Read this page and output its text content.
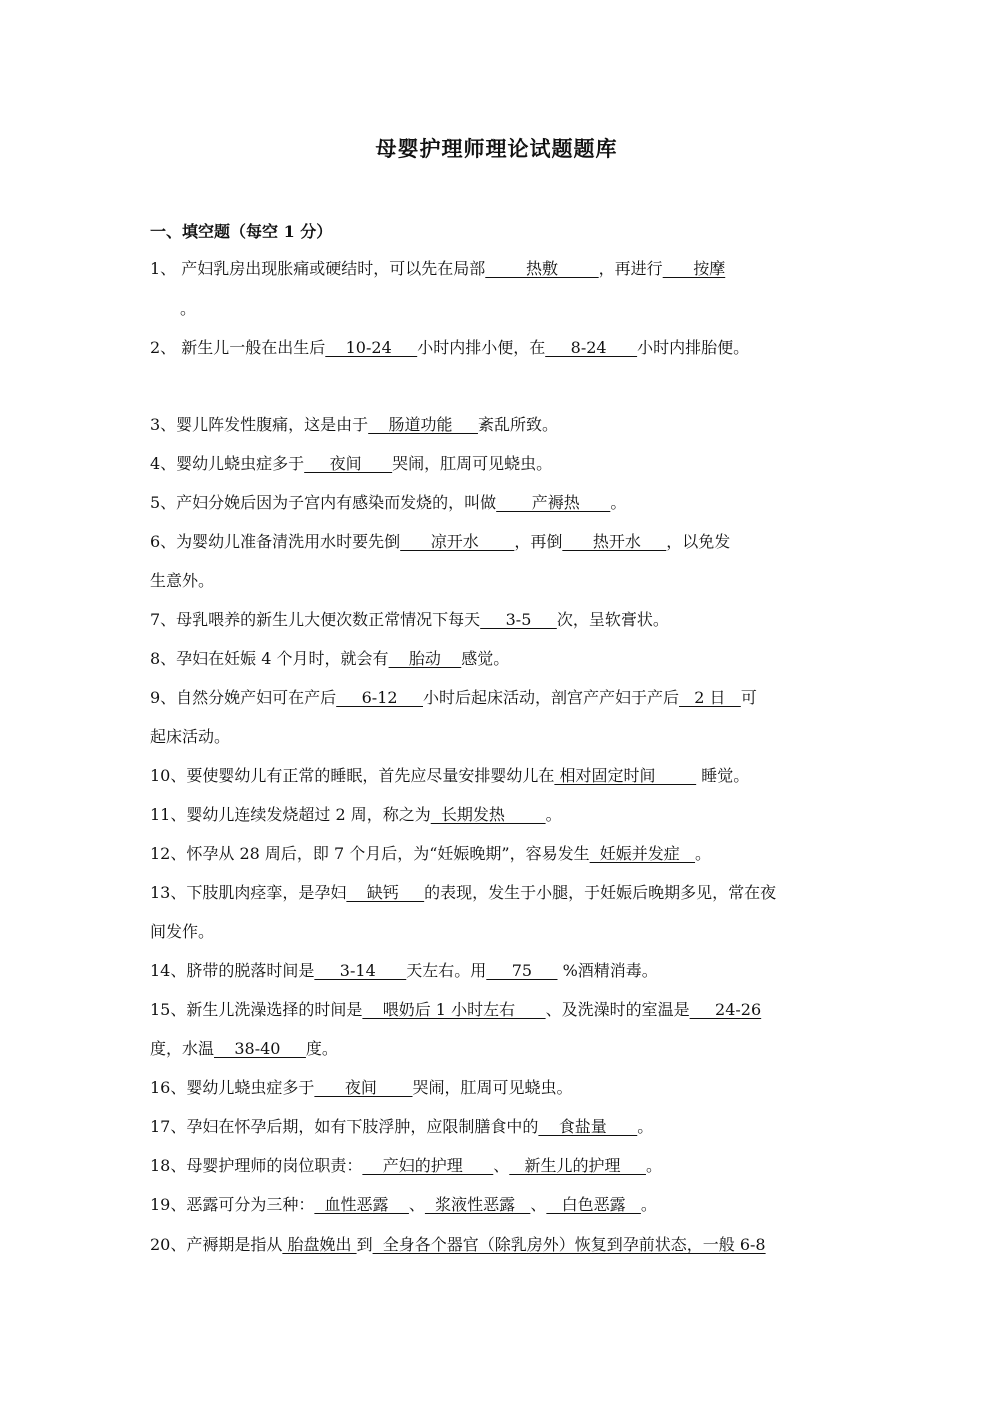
母婴护理师理论试题题库
一、填空题（每空 1 分）
1、 产妇乳房出现胀痛或硬结时，可以先在局部        热敷        ，再进行      按摩
。
2、 新生儿一般在出生后    10-24     小时内排小便，在     8-24      小时内排胎便。
3、婴儿阵发性腹痛，这是由于    肠道功能     紊乱所致。
4、婴幼儿蛲虫症多于     夜间      哭闹，肛周可见蛲虫。
5、产妇分娩后因为子宫内有感染而发烧的，叫做       产褥热      。
6、为婴幼儿准备清洗用水时要先倒      凉开水       ，再倒      热开水     ，以免发
生意外。
7、母乳喂养的新生儿大便次数正常情况下每天     3-5     次，呈软膏状。
8、孕妇在妊娠 4 个月时，就会有    胎动    感觉。
9、自然分娩产妇可在产后     6-12     小时后起床活动，剖宫产产妇于产后   2 日   可
起床活动。
10、要使婴幼儿有正常的睡眠，首先应尽量安排婴幼儿在 相对固定时间         睡觉。
11、婴幼儿连续发烧超过 2 周，称之为  长期发热        。
12、怀孕从 28 周后，即 7 个月后，为“妊娠晚期”，容易发生  妊娠并发症   。
13、下肢肌肉痉挛，是孕妇    缺钙     的表现，发生于小腿，于妊娠后晚期多见，常在夜
间发作。
14、脐带的脱落时间是     3-14      天左右。用     75      %酒精消毒。
15、新生儿洗澡选择的时间是    喂奶后 1 小时左右      、及洗澡时的室温是     24-26
度，水温    38-40     度。
16、婴幼儿蛲虫症多于      夜间       哭闹，肛周可见蛲虫。
17、孕妇在怀孕后期，如有下肢浮肿，应限制膳食中的    食盐量      。
18、母婴护理师的岗位职责：    产妇的护理      、   新生儿的护理     。
19、恶露可分为三种：  血性恶露    、  浆液性恶露   、   白色恶露   。
20、产褥期是指从 胎盘娩出 到  全身各个器官（除乳房外）恢复到孕前状态，一般 6-8
